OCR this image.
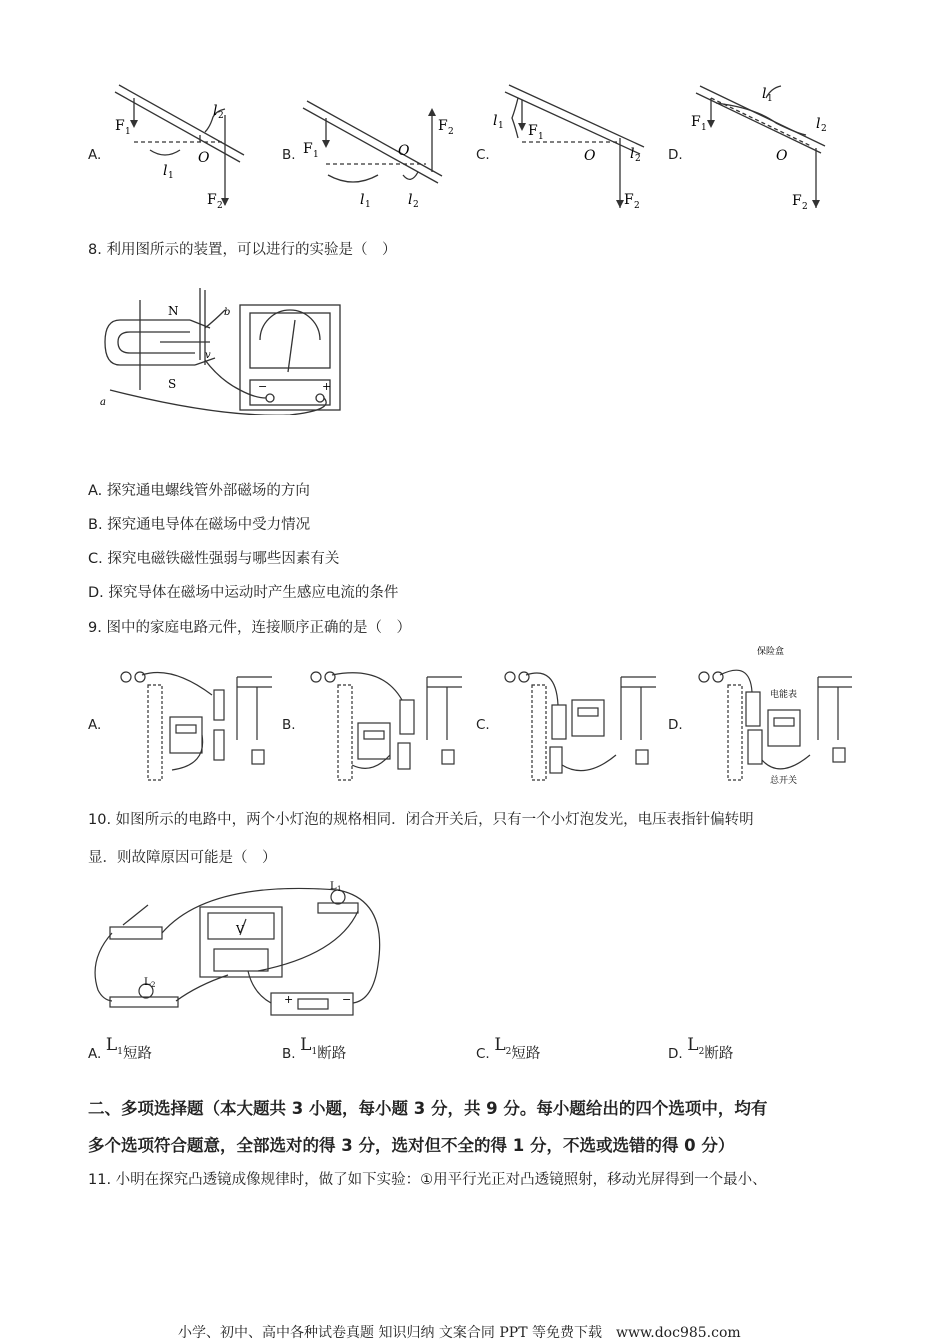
A.
F 1
l 2
O
l 1
F 2
B. F 1	O
F 2
l 1	l 2
C.
l 1 F 1
O l 2
F 2
D.
F 1
l 1
l 2
O
F 2
8. 利用图所示的装置，可以进行的实验是（　）
N
S
a
b
v
−	+
A. 探究通电螺线管外部磁场的方向
B. 探究通电导体在磁场中受力情况
C. 探究电磁铁磁性强弱与哪些因素有关
D. 探究导体在磁场中运动时产生感应电流的条件
9. 图中的家庭电路元件，连接顺序正确的是（　）
A.	B.	C.	D.
保险盒
电能表
总开关
10. 如图所示的电路中，两个小灯泡的规格相同．闭合开关后，只有一个小灯泡发光，电压表指针偏转明
显．则故障原因可能是（　）
L 1
L 2
V
+	−
A. $L^1$短路	B. $L^1$断路	C. $L^2$短路	D. $L^2$断路
二、多项选择题（本大题共 3 小题，每小题 3 分，共 9 分。每小题给出的四个选项中，均有
多个选项符合题意，全部选对的得 3 分，选对但不全的得 1 分，不选或选错的得 0 分）
11. 小明在探究凸透镜成像规律时，做了如下实验：①用平行光正对凸透镜照射，移动光屏得到一个最小、
小学、初中、高中各种试卷真题 知识归纳 文案合同 PPT 等免费下载　www.doc985.com
